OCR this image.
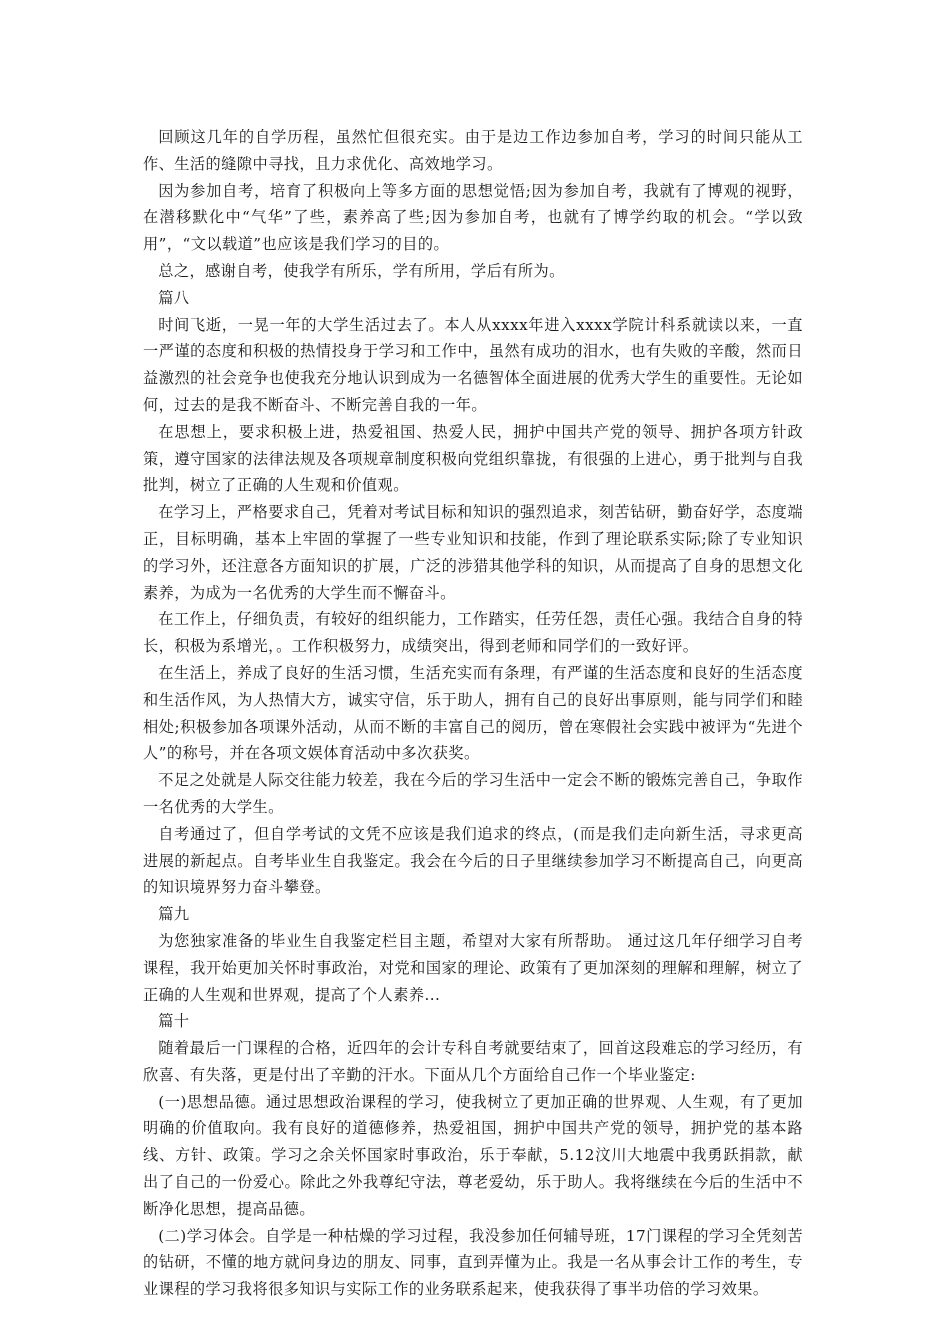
回顾这几年的自学历程，虽然忙但很充实。由于是边工作边参加自考，学习的时间只能从工作、生活的缝隙中寻找，且力求优化、高效地学习。

因为参加自考，培育了积极向上等多方面的思想觉悟;因为参加自考，我就有了博观的视野，在潜移默化中“气华”了些，素养高了些;因为参加自考，也就有了博学约取的机会。“学以致用”，“文以载道”也应该是我们学习的目的。

总之，感谢自考，使我学有所乐，学有所用，学后有所为。

篇八

时间飞逝，一晃一年的大学生活过去了。本人从xxxx年进入xxxx学院计科系就读以来，一直一严谨的态度和积极的热情投身于学习和工作中，虽然有成功的泪水，也有失败的辛酸，然而日益激烈的社会竞争也使我充分地认识到成为一名德智体全面进展的优秀大学生的重要性。无论如何，过去的是我不断奋斗、不断完善自我的一年。

在思想上，要求积极上进，热爱祖国、热爱人民，拥护中国共产党的领导、拥护各项方针政策，遵守国家的法律法规及各项规章制度积极向党组织靠拢，有很强的上进心，勇于批判与自我批判，树立了正确的人生观和价值观。

在学习上，严格要求自己，凭着对考试目标和知识的强烈追求，刻苦钻研，勤奋好学，态度端正，目标明确，基本上牢固的掌握了一些专业知识和技能，作到了理论联系实际;除了专业知识的学习外，还注意各方面知识的扩展，广泛的涉猎其他学科的知识，从而提高了自身的思想文化素养，为成为一名优秀的大学生而不懈奋斗。

在工作上，仔细负责，有较好的组织能力，工作踏实，任劳任怨，责任心强。我结合自身的特长，积极为系增光，。工作积极努力，成绩突出，得到老师和同学们的一致好评。

在生活上，养成了良好的生活习惯，生活充实而有条理，有严谨的生活态度和良好的生活态度和生活作风，为人热情大方，诚实守信，乐于助人，拥有自己的良好出事原则，能与同学们和睦相处;积极参加各项课外活动，从而不断的丰富自己的阅历，曾在寒假社会实践中被评为“先进个人”的称号，并在各项文娱体育活动中多次获奖。

不足之处就是人际交往能力较差，我在今后的学习生活中一定会不断的锻炼完善自己，争取作一名优秀的大学生。

自考通过了，但自学考试的文凭不应该是我们追求的终点，(而是我们走向新生活，寻求更高进展的新起点。自考毕业生自我鉴定。我会在今后的日子里继续参加学习不断提高自己，向更高的知识境界努力奋斗攀登。

篇九

为您独家准备的毕业生自我鉴定栏目主题，希望对大家有所帮助。 通过这几年仔细学习自考课程，我开始更加关怀时事政治，对党和国家的理论、政策有了更加深刻的理解和理解，树立了正确的人生观和世界观，提高了个人素养...

篇十

随着最后一门课程的合格，近四年的会计专科自考就要结束了，回首这段难忘的学习经历，有欣喜、有失落，更是付出了辛勤的汗水。下面从几个方面给自己作一个毕业鉴定:

(一)思想品德。通过思想政治课程的学习，使我树立了更加正确的世界观、人生观，有了更加明确的价值取向。我有良好的道德修养，热爱祖国，拥护中国共产党的领导，拥护党的基本路线、方针、政策。学习之余关怀国家时事政治，乐于奉献，5.12汶川大地震中我勇跃捐款，献出了自己的一份爱心。除此之外我尊纪守法，尊老爱幼，乐于助人。我将继续在今后的生活中不断净化思想，提高品德。

(二)学习体会。自学是一种枯燥的学习过程，我没参加任何辅导班，17门课程的学习全凭刻苦的钻研，不懂的地方就问身边的朋友、同事，直到弄懂为止。我是一名从事会计工作的考生，专业课程的学习我将很多知识与实际工作的业务联系起来，使我获得了事半功倍的学习效果。
